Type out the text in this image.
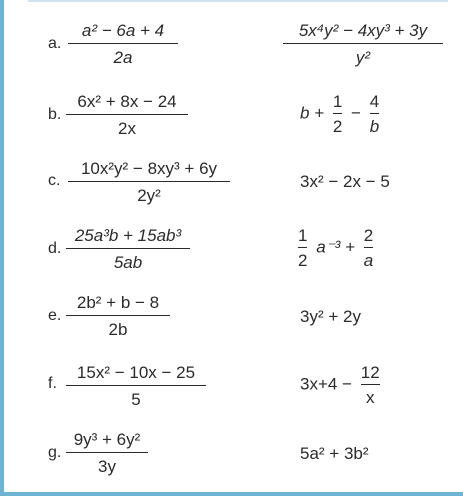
a.
a² − 6a + 4
2a
5x⁴y² − 4xy³ + 3y
y²
b.
6x² + 8x − 24
2x
$b + \frac{1}{2} - \frac{4}{b}$
c.
10x²y² − 8xy³ + 6y
2y²
3x² − 2x − 5
d.
25a³b + 15ab³
5ab	$\frac{1}{2} a^{-3} + \frac{2}{a}$
e.
2b² + b − 8
2b
3y² + 2y
f.
15x² − 10x − 25
5
$3x+4 - \frac{12}{x}$
g.
9y³ + 6y²
3y
5a² + 3b²
